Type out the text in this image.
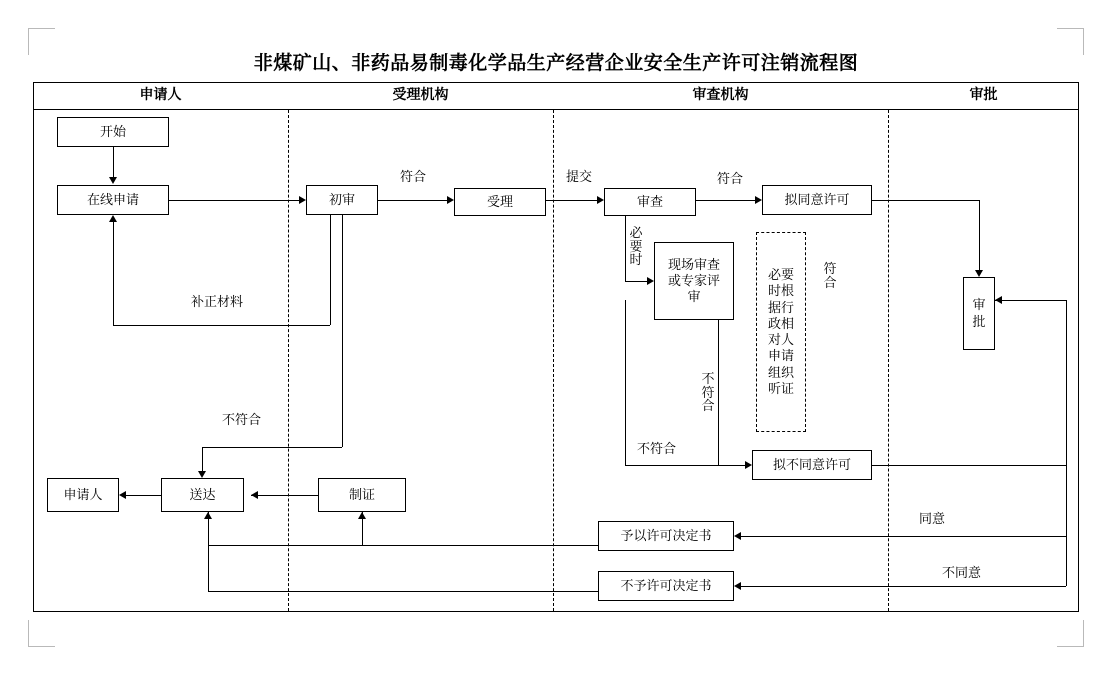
非煤矿山、非药品易制毒化学品生产经营企业安全生产许可注销流程图
申请人	受理机构	审查机构	审批
开始
在线申请	初审	受理	审查
现场审查或专家评审
必要时根据行政相对人申请组织听证
拟同意许可
拟不同意许可
审批
申请人	送达	制证
予以许可决定书
不予许可决定书
符合	提交	符合
必要时
不符合
不符合
符合
同意
不同意
不符合
补正材料
